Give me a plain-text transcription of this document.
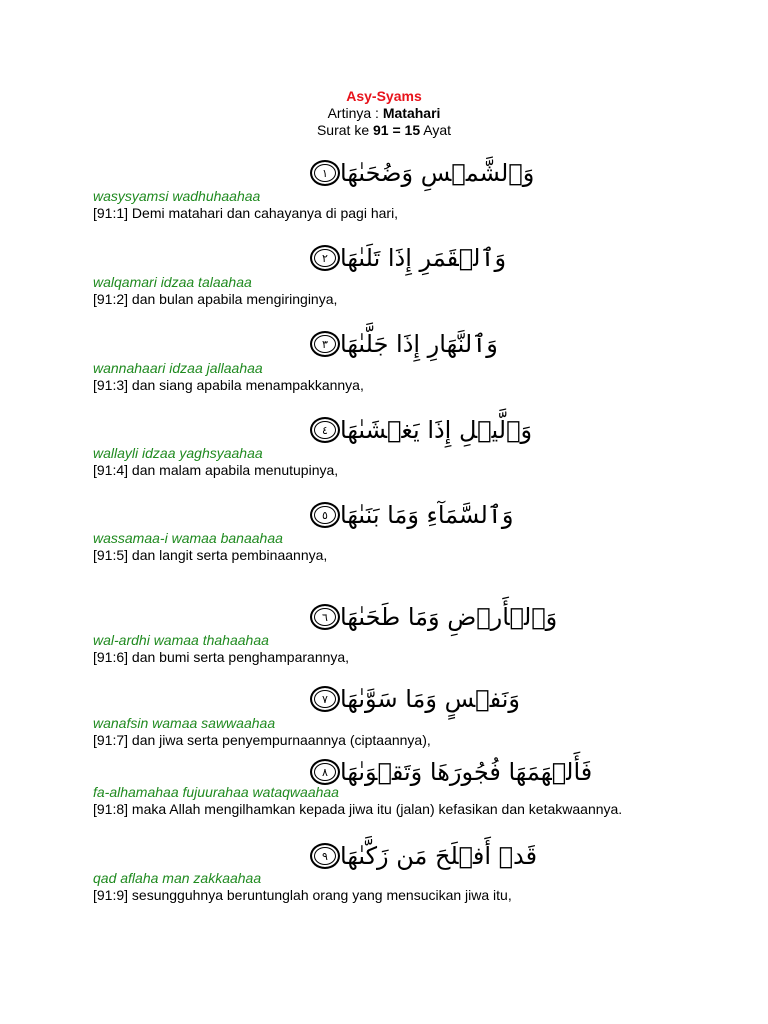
Asy-Syams
Artinya : Matahari
Surat ke 91 = 15 Ayat
١ وَٱلشَّمۡسِ وَضُحَىٰهَا
wasysyamsi wadhuhaahaa
[91:1] Demi matahari dan cahayanya di pagi hari,
٢ وَٱلۡقَمَرِ إِذَا تَلَىٰهَا
walqamari idzaa talaahaa
[91:2] dan bulan apabila mengiringinya,
٣ وَٱلنَّهَارِ إِذَا جَلَّىٰهَا
wannahaari idzaa jallaahaa
[91:3] dan siang apabila menampakkannya,
٤ وَٱلَّيۡلِ إِذَا يَغۡشَىٰهَا
wallayli idzaa yaghsyaahaa
[91:4] dan malam apabila menutupinya,
٥ وَٱلسَّمَآءِ وَمَا بَنَىٰهَا
wassamaa-i wamaa banaahaa
[91:5] dan langit serta pembinaannya,
٦ وَٱلۡأَرۡضِ وَمَا طَحَىٰهَا
wal-ardhi wamaa thahaahaa
[91:6] dan bumi serta penghamparannya,
٧ وَنَفۡسٍ وَمَا سَوَّىٰهَا
wanafsin wamaa sawwaahaa
[91:7] dan jiwa serta penyempurnaannya (ciptaannya),
٨ فَأَلۡهَمَهَا فُجُورَهَا وَتَقۡوَىٰهَا
fa-alhamahaa fujuurahaa wataqwaahaa
[91:8] maka Allah mengilhamkan kepada jiwa itu (jalan) kefasikan dan ketakwaannya.
٩ قَدۡ أَفۡلَحَ مَن زَكَّىٰهَا
qad aflaha man zakkaahaa
[91:9] sesungguhnya beruntunglah orang yang mensucikan jiwa itu,
